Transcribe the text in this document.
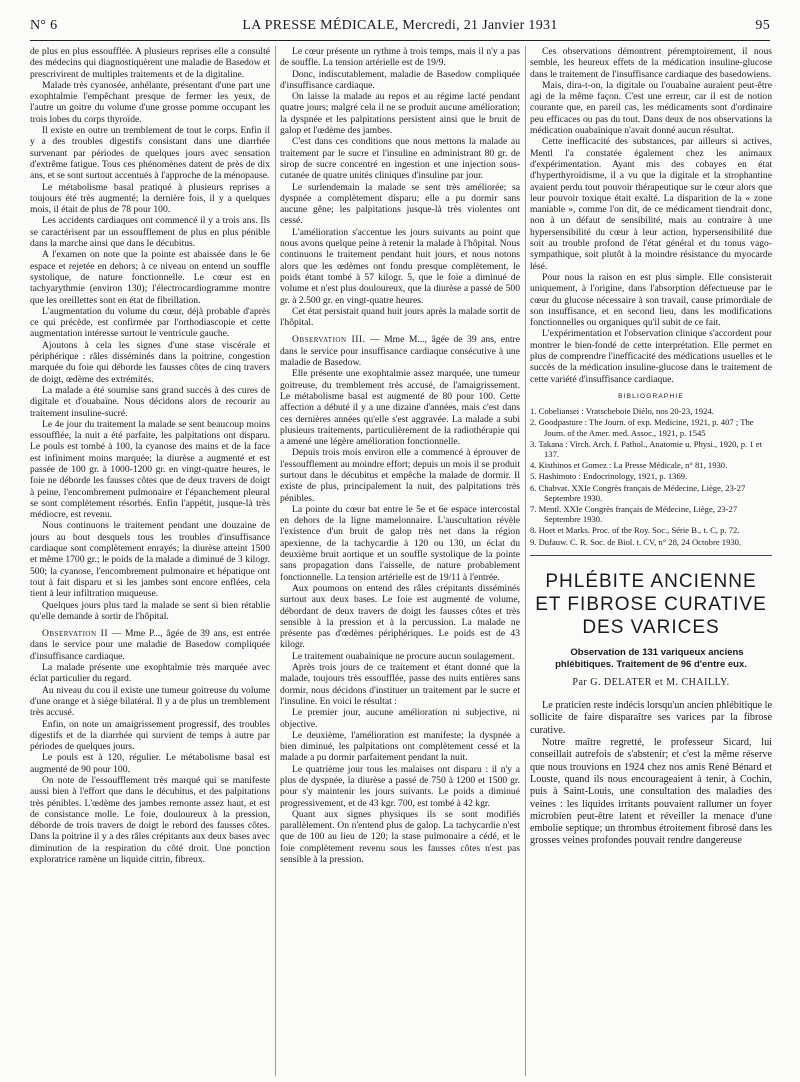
N° 6	LA PRESSE MÉDICALE, Mercredi, 21 Janvier 1931	95

de plus en plus essoufflée. A plusieurs reprises elle a consulté des médecins qui diagnostiquèrent une maladie de Basedow et prescrivirent de multiples traitements et de la digitaline.

Malade très cyanosée, anhélante, présentant d'une part une exophtalmie l'empêchant presque de fermer les yeux, de l'autre un goitre du volume d'une grosse pomme occupant les trois lobes du corps thyroïde.

Il existe en outre un tremblement de tout le corps. Enfin il y a des troubles digestifs consistant dans une diarrhée survenant par périodes de quelques jours avec sensation d'extrême fatigue. Tous ces phénomènes datent de près de dix ans, et se sont surtout accentués à l'approche de la ménopause.

Le métabolisme basal pratiqué à plusieurs reprises a toujours été très augmenté; la dernière fois, il y a quelques mois, il était de plus de 78 pour 100.

Les accidents cardiaques ont commencé il y a trois ans. Ils se caractérisent par un essoufflement de plus en plus pénible dans la marche ainsi que dans le décubitus.

A l'examen on note que la pointe est abaissée dans le 6e espace et rejetée en dehors; à ce niveau on entend un souffle systolique, de nature fonctionnelle. Le cœur est en tachyarythmie (environ 130); l'électrocardiogramme montre que les oreillettes sont en état de fibrillation.

L'augmentation du volume du cœur, déjà probable d'après ce qui précède, est confirmée par l'orthodiascopie et cette augmentation intéresse surtout le ventricule gauche.

Ajoutons à cela les signes d'une stase viscérale et périphérique : râles disséminés dans la poitrine, congestion marquée du foie qui déborde les fausses côtes de cinq travers de doigt, œdème des extrémités.

La malade a été soumise sans grand succès à des cures de digitale et d'ouabaïne. Nous décidons alors de recourir au traitement insuline-sucré.

Le 4e jour du traitement la malade se sent beaucoup moins essoufflée, la nuit a été parfaite, les palpitations ont disparu. Le pouls est tombé à 100, la cyanose des mains et de la face est infiniment moins marquée; la diurèse a augmenté et est passée de 100 gr. à 1000-1200 gr. en vingt-quatre heures, le foie ne déborde les fausses côtes que de deux travers de doigt à peine, l'encombrement pulmonaire et l'épanchement pleural se sont complètement résorbés. Enfin l'appétit, jusque-là très médiocre, est revenu.

Nous continuons le traitement pendant une douzaine de jours au bout desquels tous les troubles d'insuffisance cardiaque sont complètement enrayés; la diurèse atteint 1500 et même 1700 gr.; le poids de la malade a diminué de 3 kilogr. 500; la cyanose, l'encombrement pulmonaire et hépatique ont tout à fait disparu et si les jambes sont encore enflées, cela tient à leur infiltration muqueuse.

Quelques jours plus tard la malade se sent si bien rétablie qu'elle demande à sortir de l'hôpital.

Observation II — Mme P..., âgée de 39 ans, est entrée dans le service pour une maladie de Basedow compliquée d'insuffisance cardiaque.

La malade présente une exophtalmie très marquée avec éclat particulier du regard.

Au niveau du cou il existe une tumeur goitreuse du volume d'une orange et à siège bilatéral. Il y a de plus un tremblement très accusé.

Enfin, on note un amaigrissement progressif, des troubles digestifs et de la diarrhée qui survient de temps à autre par périodes de quelques jours.

Le pouls est à 120, régulier. Le métabolisme basal est augmenté de 90 pour 100.

On note de l'essoufflement très marqué qui se manifeste aussi bien à l'effort que dans le décubitus, et des palpitations très pénibles. L'œdème des jambes remonte assez haut, et est de consistance molle. Le foie, douloureux à la pression, déborde de trois travers de doigt le rebord des fausses côtes. Dans la poitrine il y a des râles crépitants aux deux bases avec diminution de la respiration du côté droit. Une ponction exploratrice ramène un liquide citrin, fibreux.

Le cœur présente un rythme à trois temps, mais il n'y a pas de souffle. La tension artérielle est de 19/9.

Donc, indiscutablement, maladie de Basedow compliquée d'insuffisance cardiaque.

On laisse la malade au repos et au régime lacté pendant quatre jours; malgré cela il ne se produit aucune amélioration; la dyspnée et les palpitations persistent ainsi que le bruit de galop et l'œdème des jambes.

C'est dans ces conditions que nous mettons la malade au traitement par le sucre et l'insuline en administrant 80 gr. de sirop de sucre concentré en ingestion et une injection sous-cutanée de quatre unités cliniques d'insuline par jour.

Le surlendemain la malade se sent très améliorée; sa dyspnée a complètement disparu; elle a pu dormir sans aucune gêne; les palpitations jusque-là très violentes ont cessé.

L'amélioration s'accentue les jours suivants au point que nous avons quelque peine à retenir la malade à l'hôpital. Nous continuons le traitement pendant huit jours, et nous notons alors que les œdèmes ont fondu presque complètement, le poids étant tombé à 57 kilogr. 5, que le foie a diminué de volume et n'est plus douloureux, que la diurèse a passé de 500 gr. à 2.500 gr. en vingt-quatre heures.

Cet état persistait quand huit jours après la malade sortit de l'hôpital.

Observation III. — Mme M..., âgée de 39 ans, entre dans le service pour insuffisance cardiaque consécutive à une maladie de Basedow.

Elle présente une exophtalmie assez marquée, une tumeur goitreuse, du tremblement très accusé, de l'amaigrissement. Le métabolisme basal est augmenté de 80 pour 100. Cette affection a débuté il y a une dizaine d'années, mais c'est dans ces dernières années qu'elle s'est aggravée. La malade a subi plusieurs traitements, particulièrement de la radiothérapie qui a amené une légère amélioration fonctionnelle.

Depuis trois mois environ elle a commencé à éprouver de l'essoufflement au moindre effort; depuis un mois il se produit surtout dans le décubitus et empêche la malade de dormir. Il existe de plus, principalement la nuit, des palpitations très pénibles.

La pointe du cœur bat entre le 5e et 6e espace intercostal en dehors de la ligne mamelonnaire. L'auscultation révèle l'existence d'un bruit de galop très net dans la région apexienne, de la tachycardie à 120 ou 130, un éclat du deuxième bruit aortique et un souffle systolique de la pointe sans propagation dans l'aisselle, de nature probablement fonctionnelle. La tension artérielle est de 19/11 à l'entrée.

Aux poumons on entend des râles crépitants disséminés surtout aux deux bases. Le foie est augmenté de volume, débordant de deux travers de doigt les fausses côtes et très sensible à la pression et à la percussion. La malade ne présente pas d'œdèmes périphériques. Le poids est de 43 kilogr.

Le traitement ouabaïnique ne procure aucun soulagement.

Après trois jours de ce traitement et étant donné que la malade, toujours très essoufflée, passe des nuits entières sans dormir, nous décidons d'instituer un traitement par le sucre et l'insuline. En voici le résultat :

Le premier jour, aucune amélioration ni subjective, ni objective.

Le deuxième, l'amélioration est manifeste; la dyspnée a bien diminué, les palpitations ont complètement cessé et la malade a pu dormir parfaitement pendant la nuit.

Le quatrième jour tous les malaises ont disparu : il n'y a plus de dyspnée, la diurèse a passé de 750 à 1200 et 1500 gr. pour s'y maintenir les jours suivants. Le poids a diminué progressivement, et de 43 kgr. 700, est tombé à 42 kgr.

Quant aux signes physiques ils se sont modifiés parallèlement. On n'entend plus de galop. La tachycardie n'est que de 100 au lieu de 120; la stase pulmonaire a cédé, et le foie complètement revenu sous les fausses côtes n'est pas sensible à la pression.

Ces observations démontrent péremptoirement, il nous semble, les heureux effets de la médication insuline-glucose dans le traitement de l'insuffisance cardiaque des basedowiens.

Mais, dira-t-on, la digitale ou l'ouabaïne auraient peut-être agi de la même façon. C'est une erreur, car il est de notion courante que, en pareil cas, les médicaments sont d'ordinaire peu efficaces ou pas du tout. Dans deux de nos observations la médication ouabaïnique n'avait donné aucun résultat.

Cette inefficacité des substances, par ailleurs si actives, Mentl l'a constatée également chez les animaux d'expérimentation. Ayant mis des cobayes en état d'hyperthyroïdisme, il a vu que la digitale et la strophantine avaient perdu tout pouvoir thérapeutique sur le cœur alors que leur pouvoir toxique était exalté. La disparition de la « zone maniable », comme l'on dit, de ce médicament tiendrait donc, non à un défaut de sensibilité, mais au contraire à une hypersensibilité du cœur à leur action, hypersensibilité due soit au trouble profond de l'état général et du tonus vago-sympathique, soit plutôt à la moindre résistance du myocarde lésé.

Pour nous la raison en est plus simple. Elle consisterait uniquement, à l'origine, dans l'absorption défectueuse par le cœur du glucose nécessaire à son travail, cause primordiale de son insuffisance, et en second lieu, dans les modifications fonctionnelles ou organiques qu'il subit de ce fait.

L'expérimentation et l'observation clinique s'accordent pour montrer le bien-fondé de cette interprétation. Elle permet en plus de comprendre l'inefficacité des médications usuelles et le succès de la médication insuline-glucose dans le traitement de cette variété d'insuffisance cardiaque.

BIBLIOGRAPHIE
1. Cobeliansei : Vratscheboie Diélo, nos 20-23, 1924.
2. Goodpasture : The Journ. of exp. Medicine, 1921, p. 407 ; The Journ. of the Amer. med. Assoc., 1921, p. 1545
3. Takana : Virch. Arch. f. Pathol., Anatomie u. Physi., 1920, p. 1 et 137.
4. Kisthinos et Gomez : La Presse Médicale, n° 81, 1930.
5. Hashimoto : Endocrinology, 1921, p. 1369.
6. Chabvat. XXIe Congrès français de Médecine, Liège, 23-27 Septembre 1930.
7. Mentl. XXIe Congrès français de Médecine, Liège, 23-27 Septembre 1930.
8. Hoet et Marks. Proc. of the Roy. Soc., Série B., t. C, p. 72.
9. Dufauw. C. R. Soc. de Biol. t. CV, n° 28, 24 Octobre 1930.
PHLÉBITE ANCIENNE ET FIBROSE CURATIVE DES VARICES

Observation de 131 variqueux anciens phlébitiques. Traitement de 96 d'entre eux.

Par G. DELATER et M. CHAILLY.

Le praticien reste indécis lorsqu'un ancien phlébitique le sollicite de faire disparaître ses varices par la fibrose curative.

Notre maître regretté, le professeur Sicard, lui conseillait autrefois de s'abstenir; et c'est la même réserve que nous trouvions en 1924 chez nos amis René Bénard et Louste, quand ils nous encourageaient à tenir, à Cochin, puis à Saint-Louis, une consultation des maladies des veines : les liquides irritants pouvaient rallumer un foyer microbien peut-être latent et réveiller la menace d'une embolie septique; un thrombus étroitement fibrosé dans les grosses veines profondes pouvait rendre dangereuse
